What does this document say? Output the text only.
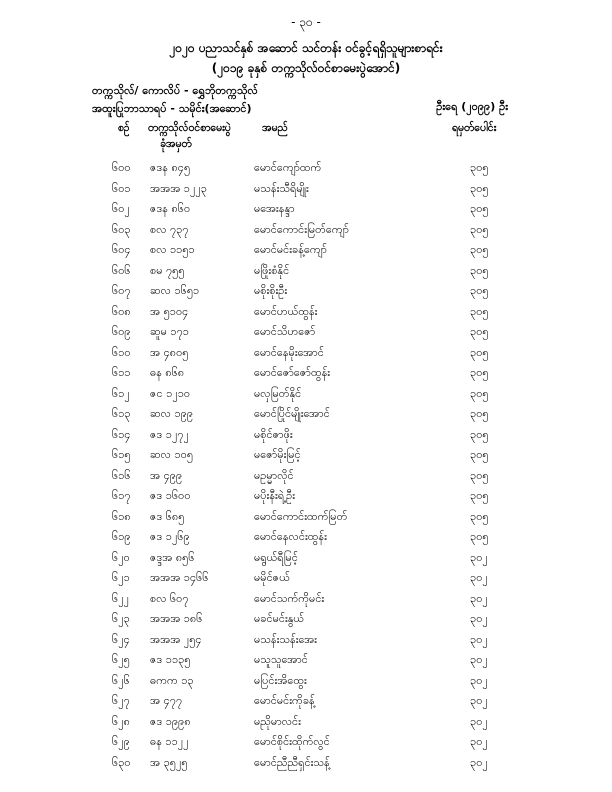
- ၃၀ -
၂၀၂၀ ပညာသင်နှစ် အဆောင် သင်တန်း ဝင်ခွင့်ရရှိသူများစာရင်း
(၂၀၁၉ ခုနှစ် တက္ကသိုလ်ဝင်စာမေးပွဲအောင်)
တက္ကသိုလ်/ ကောလိပ် - ရွှေဘိုတက္ကသိုလ်
အထူးပြုဘာသာရပ် - သမိုင်း(အဆောင်)	ဦးရေ (၂၀၉၉) ဦး
စဉ် တက္ကသိုလ်ဝင်စာမေးပွဲ
ခုံအမှတ်
အမည်	ရမှတ်ပေါင်း
၆၀၀ ဇဒန ၈၄၅	မောင်ကျော်ထက်	၃၀၅
၆၀၁ အအအ ၁၂၂၃	မသန်းသီရိမျိုး	၃၀၅
၆၀၂ ဇဒန ၈၆၀	မအေးနန္ဒာ	၃၀၅
၆၀၃ စလ ၇၃၇	မောင်ကောင်းမြတ်ကျော်	၃၀၅
၆၀၄ စလ ၁၁၅၁	မောင်မင်းခန့်ကျော်	၃၀၅
၆၀၆ စမ ၇၅၅	မဖြိုးစံနိုင်	၃၀၅
၆၀၇ ဆလ ၁၆၅၁	မစိုးစိုးဦး	၃၀၅
၆၀၈ အ ၅၁၀၄	မောင်ဟယ်ထွန်း	၃၀၅
၆၀၉ ဆူမ ၁၇၁	မောင်သိဟဇော်	၃၀၅
၆၁၀ အ ၄၈၀၅	မောင်နေမိုးအောင်	၃၀၅
၆၁၁ ဓန ၈၆၈	မောင်ဇော်ဇော်ထွန်း	၃၀၅
၆၁၂ ဇင ၁၂၁၀	မလှမြတ်နိုင်	၃၀၅
၆၁၃ ဆလ ၁၉၉	မောင်ပြိုင်မျိုးအောင်	၃၀၅
၆၁၄ ဇဒ ၁၂၇၂	မစိုင်ဇာဖိုး	၃၀၅
၆၁၅ ဆလ ၁၀၅	မဇော်မိုးမြင့်	၃၀၅
၆၁၆ အ ၄၉၉	မဥမ္မာလိုင်	၃၀၅
၆၁၇ ဇဒ ၁၆၀၀	မပိုးနီးရဲ့ဦး	၃၀၅
၆၁၈ ဇဒ ၆၈၅	မောင်ကောင်းထက်မြတ်	၃၀၅
၆၁၉ ဇဒ ၁၂၆၉	မောင်နေလင်းထွန်း	၃၀၅
၆၂၀ ဇဒ္ဒအ ၈၅၆	မရွယ်ရီမြင့်	၃၀၂
၆၂၁ အအအ ၁၄၆၆	မမိုင်ဇယ်	၃၀၂
၆၂၂ စလ ၆၀၇	မောင်သက်ကိုမင်း	၃၀၂
၆၂၃ အအအ ၁၈၆	မခင်မင်းနွယ်	၃၀၂
၆၂၄ အအအ ၂၅၄	မသန်းသန်းအေး	၃၀၂
၆၂၅ ဇဒ ၁၁၃၅	မသူသူအောင်	၃၀၂
၆၂၆ ဓကက ၁၃	မပြင်းအိထွေး	၃၀၂
၆၂၇ အ ၄၇၇	မောင်မင်းကိုခန့်	၃၀၂
၆၂၈ ဇဒ ၁၉၉၈	မညိုမာလင်း	၃၀၂
၆၂၉ ဓန ၁၁၂၂	မောင်စိုင်းထိုက်လွင်	၃၀၂
၆၃၀ အ ၃၅၂၅	မောင်ညီညီရှင်းသန့်	၃၀၂
